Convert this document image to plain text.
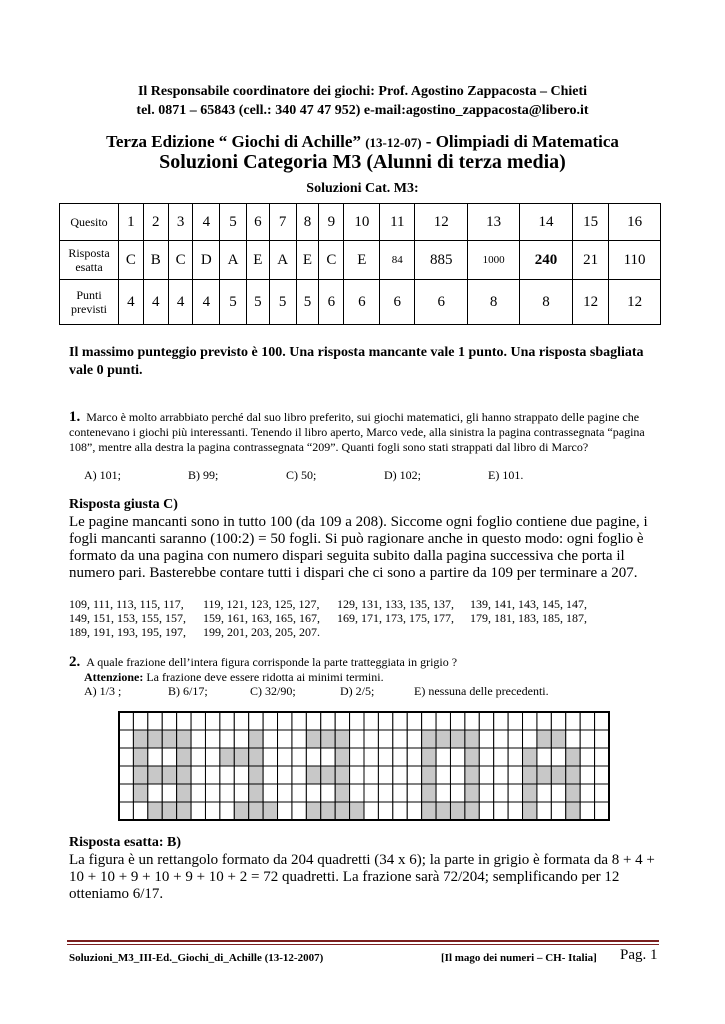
Il Responsabile coordinatore dei giochi: Prof. Agostino Zappacosta – Chieti
tel. 0871 – 65843 (cell.: 340 47 47 952) e-mail:agostino_zappacosta@libero.it
Terza Edizione “ Giochi di Achille” (13-12-07) - Olimpiadi di Matematica
Soluzioni Categoria M3 (Alunni di terza media)
Soluzioni Cat. M3:
Quesito	1	2	3	4	5	6	7	8	9	10	11	12	13	14	15	16
Risposta esatta	C	B	C	D	A	E	A	E	C	E	84	885	1000	240	21	110
Punti previsti	4	4	4	4	5	5	5	5	6	6	6	6	8	8	12	12
Il massimo punteggio previsto è 100. Una risposta mancante vale 1 punto. Una risposta sbagliata vale 0 punti.
1. Marco è molto arrabbiato perché dal suo libro preferito, sui giochi matematici, gli hanno strappato delle pagine che contenevano i giochi più interessanti. Tenendo il libro aperto, Marco vede, alla sinistra la pagina contrassegnata “pagina 108”, mentre alla destra la pagina contrassegnata “209”. Quanti fogli sono stati strappati dal libro di Marco?
A) 101;	B) 99;	C) 50;	D) 102;	E) 101.
Risposta giusta C)
Le pagine mancanti sono in tutto 100 (da 109 a 208). Siccome ogni foglio contiene due pagine, i fogli mancanti saranno (100:2) = 50 fogli. Si può ragionare anche in questo modo: ogni foglio è formato da una pagina con numero dispari seguita subito dalla pagina successiva che porta il numero pari. Basterebbe contare tutti i dispari che ci sono a partire da 109 per terminare a 207.
109, 111, 113, 115, 117, 119, 121, 123, 125, 127, 129, 131, 133, 135, 137, 139, 141, 143, 145, 147,
149, 151, 153, 155, 157, 159, 161, 163, 165, 167, 169, 171, 173, 175, 177, 179, 181, 183, 185, 187,
189, 191, 193, 195, 197, 199, 201, 203, 205, 207.
2. A quale frazione dell’intera figura corrisponde la parte tratteggiata in grigio ?
Attenzione: La frazione deve essere ridotta ai minimi termini.
A) 1/3 ;	B) 6/17;	C) 32/90;	D) 2/5;	E) nessuna delle precedenti.
Risposta esatta: B)
La figura è un rettangolo formato da 204 quadretti (34 x 6); la parte in grigio è formata da 8 + 4 + 10 + 10 + 9 + 10 + 9 + 10 + 2 = 72 quadretti. La frazione sarà 72/204; semplificando per 12 otteniamo 6/17.
Soluzioni_M3_III-Ed._Giochi_di_Achille (13-12-2007)	[Il mago dei numeri – CH- Italia] Pag. 1
